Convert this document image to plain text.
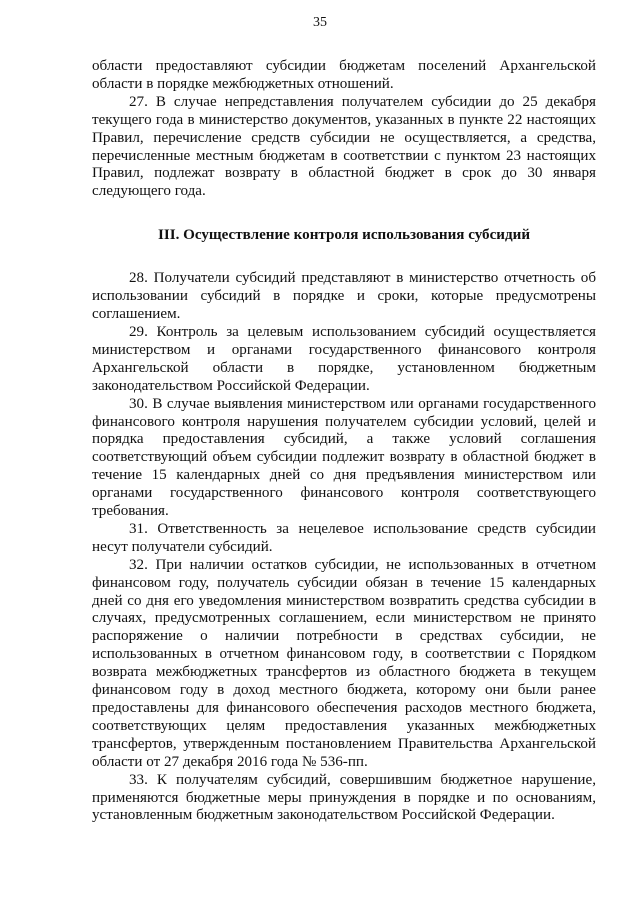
35

области предоставляют субсидии бюджетам поселений Архангельской области в порядке межбюджетных отношений.

27. В случае непредставления получателем субсидии до 25 декабря текущего года в министерство документов, указанных в пункте 22 настоящих Правил, перечисление средств субсидии не осуществляется, а средства, перечисленные местным бюджетам в соответствии с пунктом 23 настоящих Правил, подлежат возврату в областной бюджет в срок до 30 января следующего года.

III. Осуществление контроля использования субсидий

28. Получатели субсидий представляют в министерство отчетность об использовании субсидий в порядке и сроки, которые предусмотрены соглашением.

29. Контроль за целевым использованием субсидий осуществляется министерством и органами государственного финансового контроля Архангельской области в порядке, установленном бюджетным законодательством Российской Федерации.

30. В случае выявления министерством или органами государственного финансового контроля нарушения получателем субсидии условий, целей и порядка предоставления субсидий, а также условий соглашения соответствующий объем субсидии подлежит возврату в областной бюджет в течение 15 календарных дней со дня предъявления министерством или органами государственного финансового контроля соответствующего требования.

31. Ответственность за нецелевое использование средств субсидии несут получатели субсидий.

32. При наличии остатков субсидии, не использованных в отчетном финансовом году, получатель субсидии обязан в течение 15 календарных дней со дня его уведомления министерством возвратить средства субсидии в случаях, предусмотренных соглашением, если министерством не принято распоряжение о наличии потребности в средствах субсидии, не использованных в отчетном финансовом году, в соответствии с Порядком возврата межбюджетных трансфертов из областного бюджета в текущем финансовом году в доход местного бюджета, которому они были ранее предоставлены для финансового обеспечения расходов местного бюджета, соответствующих целям предоставления указанных межбюджетных трансфертов, утвержденным постановлением Правительства Архангельской области от 27 декабря 2016 года № 536-пп.

33. К получателям субсидий, совершившим бюджетное нарушение, применяются бюджетные меры принуждения в порядке и по основаниям, установленным бюджетным законодательством Российской Федерации.
